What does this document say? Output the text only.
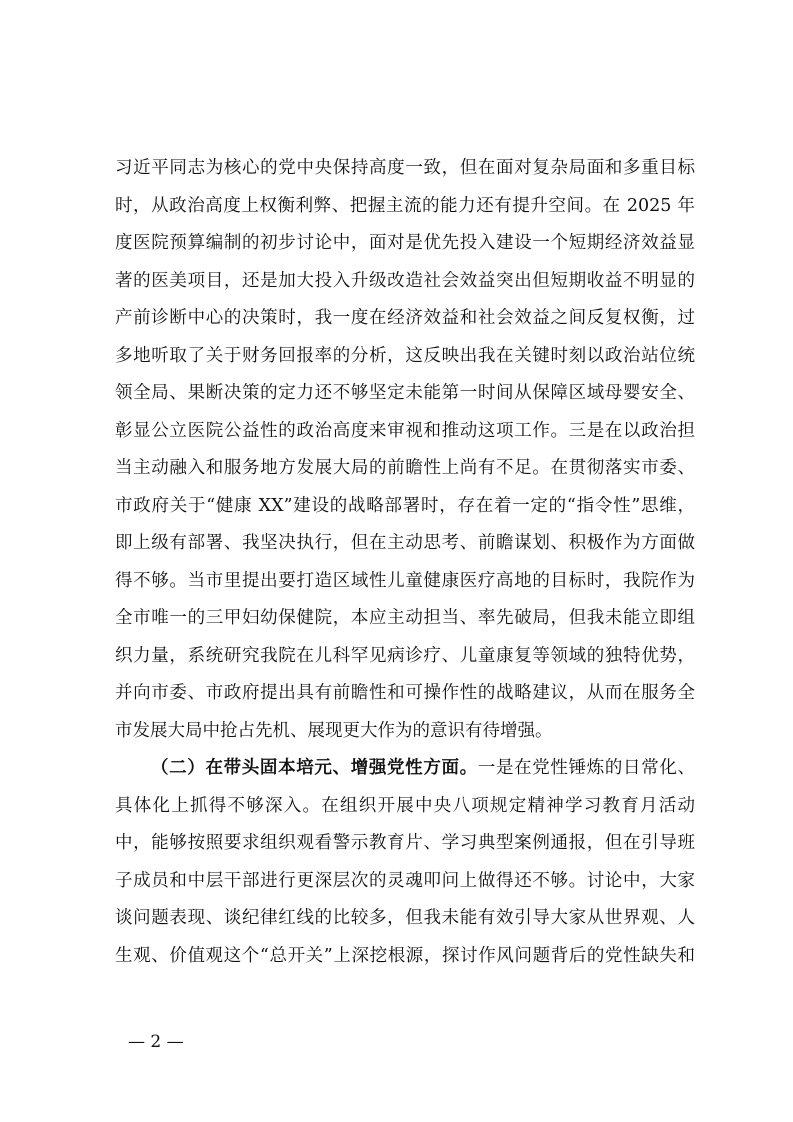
习近平同志为核心的党中央保持高度一致，但在面对复杂局面和多重目标
时，从政治高度上权衡利弊、把握主流的能力还有提升空间。在 2025 年
度医院预算编制的初步讨论中，面对是优先投入建设一个短期经济效益显
著的医美项目，还是加大投入升级改造社会效益突出但短期收益不明显的
产前诊断中心的决策时，我一度在经济效益和社会效益之间反复权衡，过
多地听取了关于财务回报率的分析，这反映出我在关键时刻以政治站位统
领全局、果断决策的定力还不够坚定未能第一时间从保障区域母婴安全、
彰显公立医院公益性的政治高度来审视和推动这项工作。三是在以政治担
当主动融入和服务地方发展大局的前瞻性上尚有不足。在贯彻落实市委、
市政府关于“健康 XX”建设的战略部署时，存在着一定的“指令性”思维，
即上级有部署、我坚决执行，但在主动思考、前瞻谋划、积极作为方面做
得不够。当市里提出要打造区域性儿童健康医疗高地的目标时，我院作为
全市唯一的三甲妇幼保健院，本应主动担当、率先破局，但我未能立即组
织力量，系统研究我院在儿科罕见病诊疗、儿童康复等领域的独特优势，
并向市委、市政府提出具有前瞻性和可操作性的战略建议，从而在服务全
市发展大局中抢占先机、展现更大作为的意识有待增强。
（二）在带头固本培元、增强党性方面。一是在党性锤炼的日常化、
具体化上抓得不够深入。在组织开展中央八项规定精神学习教育月活动
中，能够按照要求组织观看警示教育片、学习典型案例通报，但在引导班
子成员和中层干部进行更深层次的灵魂叩问上做得还不够。讨论中，大家
谈问题表现、谈纪律红线的比较多，但我未能有效引导大家从世界观、人
生观、价值观这个“总开关”上深挖根源，探讨作风问题背后的党性缺失和
— 2 —
